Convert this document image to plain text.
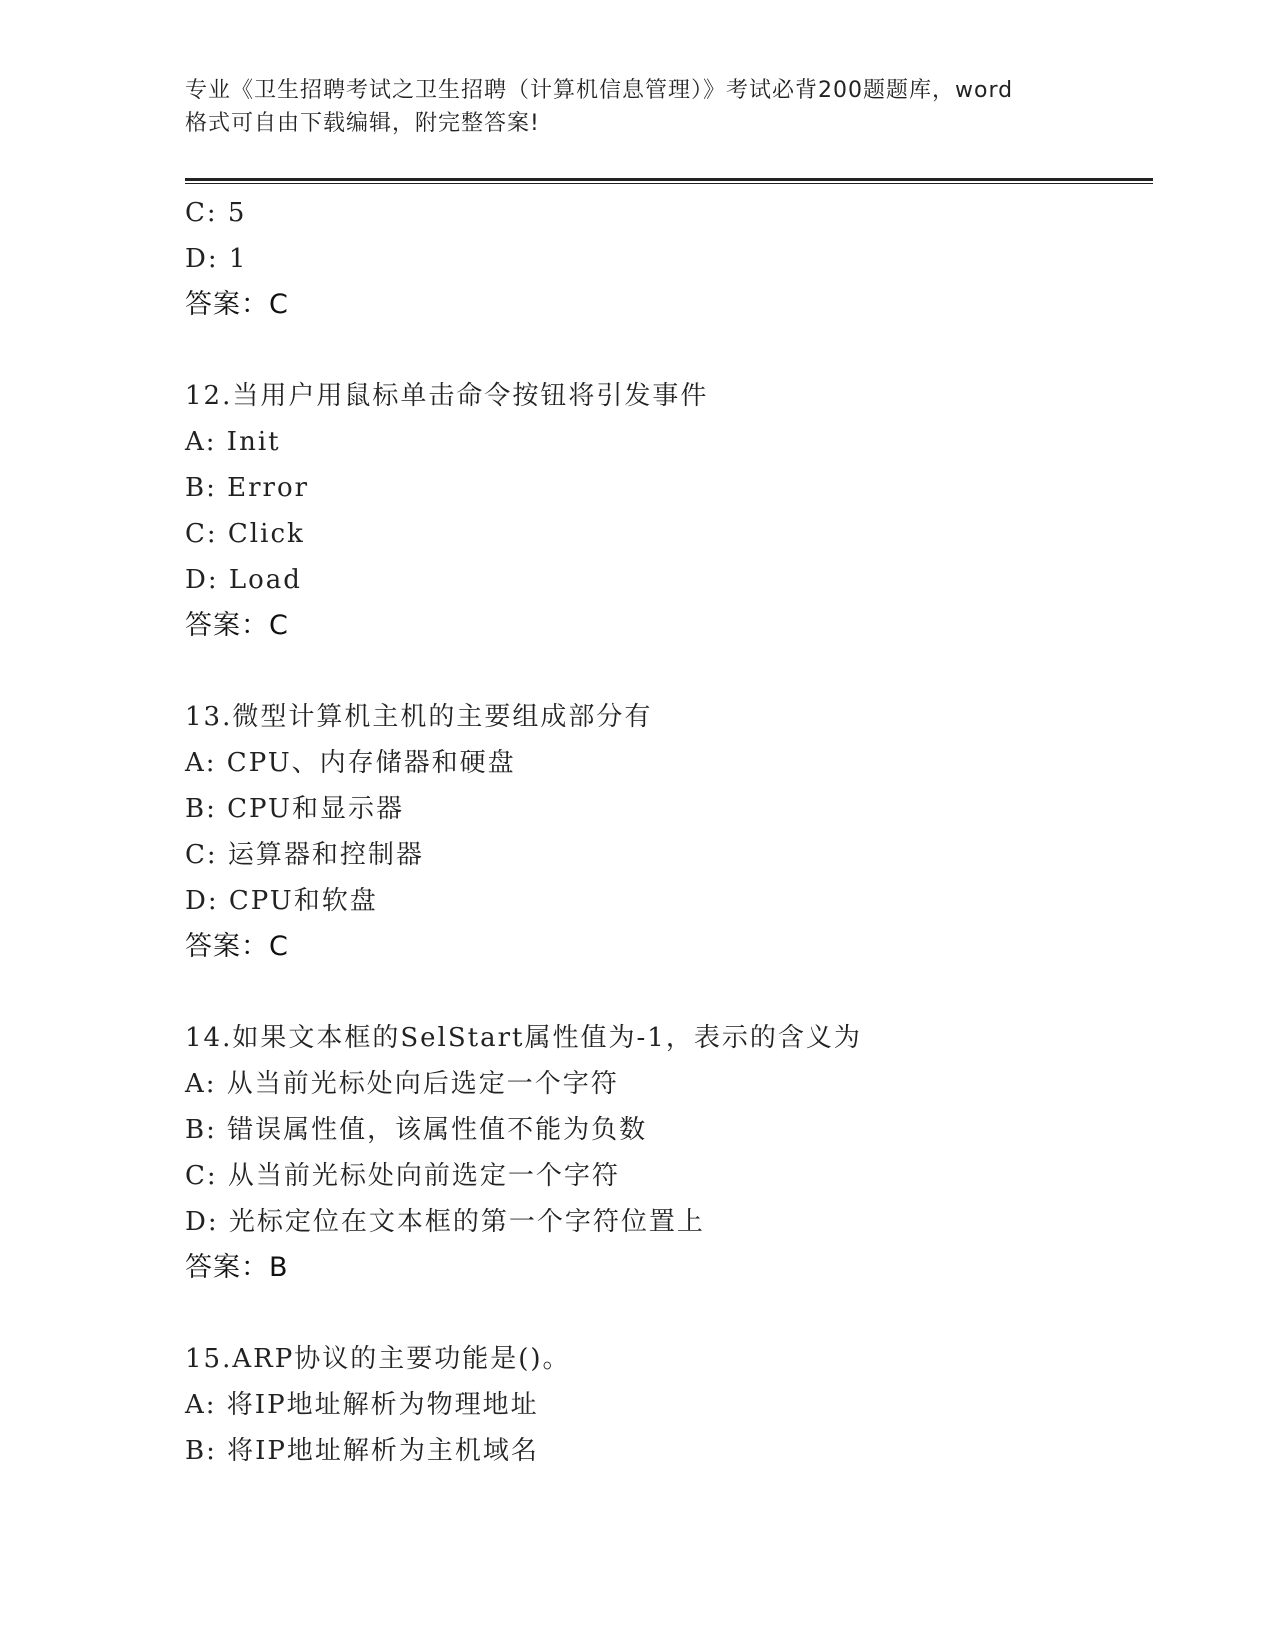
专业《卫生招聘考试之卫生招聘（计算机信息管理）》考试必背200题题库，word
格式可自由下载编辑，附完整答案!
C: 5
D: 1
答案：C
12.当用户用鼠标单击命令按钮将引发事件
A: Init
B: Error
C: Click
D: Load
答案：C
13.微型计算机主机的主要组成部分有
A: CPU、内存储器和硬盘
B: CPU和显示器
C: 运算器和控制器
D: CPU和软盘
答案：C
14.如果文本框的SelStart属性值为-1，表示的含义为
A: 从当前光标处向后选定一个字符
B: 错误属性值，该属性值不能为负数
C: 从当前光标处向前选定一个字符
D: 光标定位在文本框的第一个字符位置上
答案：B
15.ARP协议的主要功能是()。
A: 将IP地址解析为物理地址
B: 将IP地址解析为主机域名
